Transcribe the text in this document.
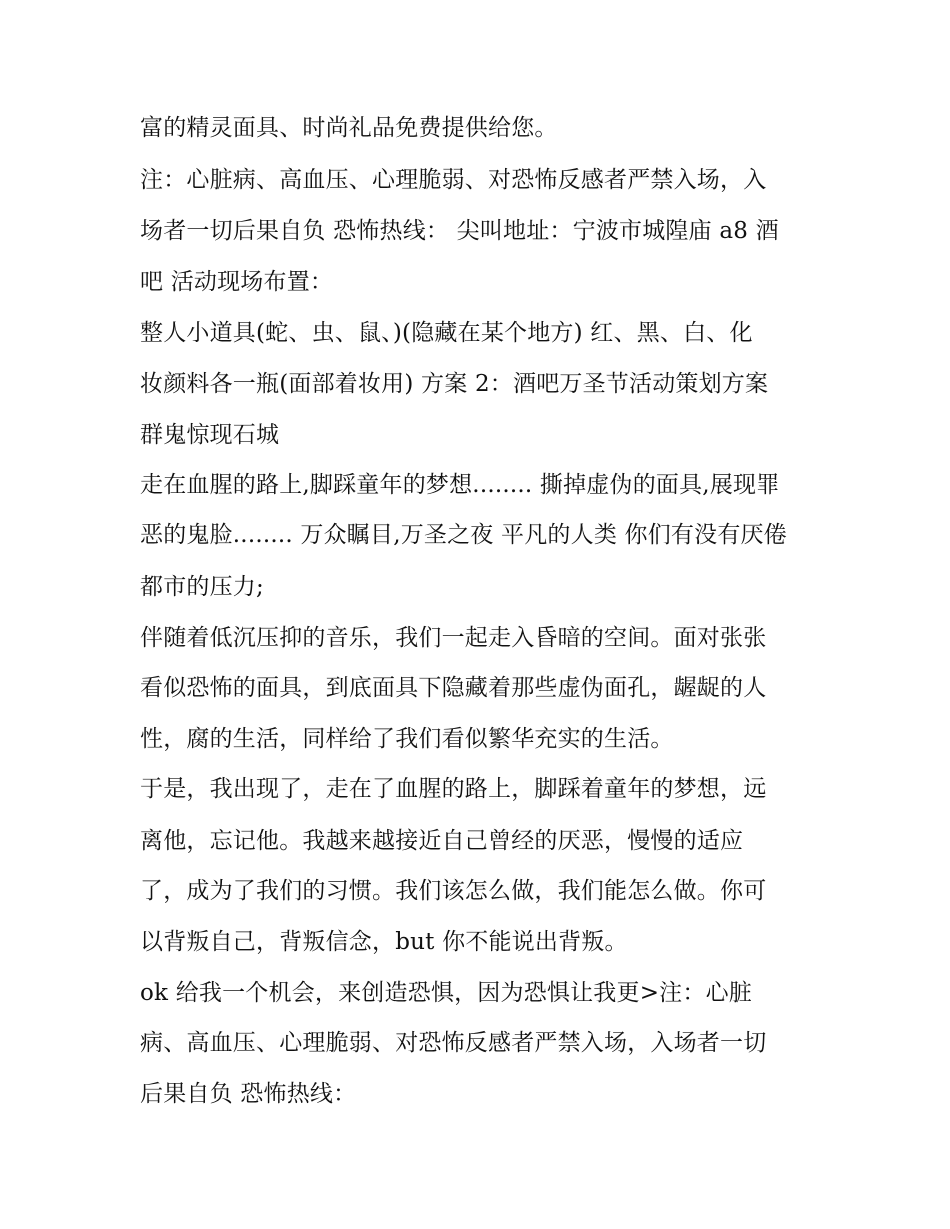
富的精灵面具、时尚礼品免费提供给您。
注：心脏病、高血压、心理脆弱、对恐怖反感者严禁入场，入
场者一切后果自负 恐怖热线： 尖叫地址：宁波市城隍庙 a8 酒
吧 活动现场布置：
整人小道具(蛇、虫、鼠、)(隐藏在某个地方) 红、黑、白、化
妆颜料各一瓶(面部着妆用) 方案 2：酒吧万圣节活动策划方案
群鬼惊现石城
走在血腥的路上,脚踩童年的梦想........ 撕掉虚伪的面具,展现罪
恶的鬼脸........ 万众瞩目,万圣之夜 平凡的人类 你们有没有厌倦
都市的压力;
伴随着低沉压抑的音乐，我们一起走入昏暗的空间。面对张张
看似恐怖的面具，到底面具下隐藏着那些虚伪面孔，龌龊的人
性，腐的生活，同样给了我们看似繁华充实的生活。
于是，我出现了，走在了血腥的路上，脚踩着童年的梦想，远
离他，忘记他。我越来越接近自己曾经的厌恶，慢慢的适应
了，成为了我们的习惯。我们该怎么做，我们能怎么做。你可
以背叛自己，背叛信念，but 你不能说出背叛。
ok 给我一个机会，来创造恐惧，因为恐惧让我更>注：心脏
病、高血压、心理脆弱、对恐怖反感者严禁入场，入场者一切
后果自负 恐怖热线：
